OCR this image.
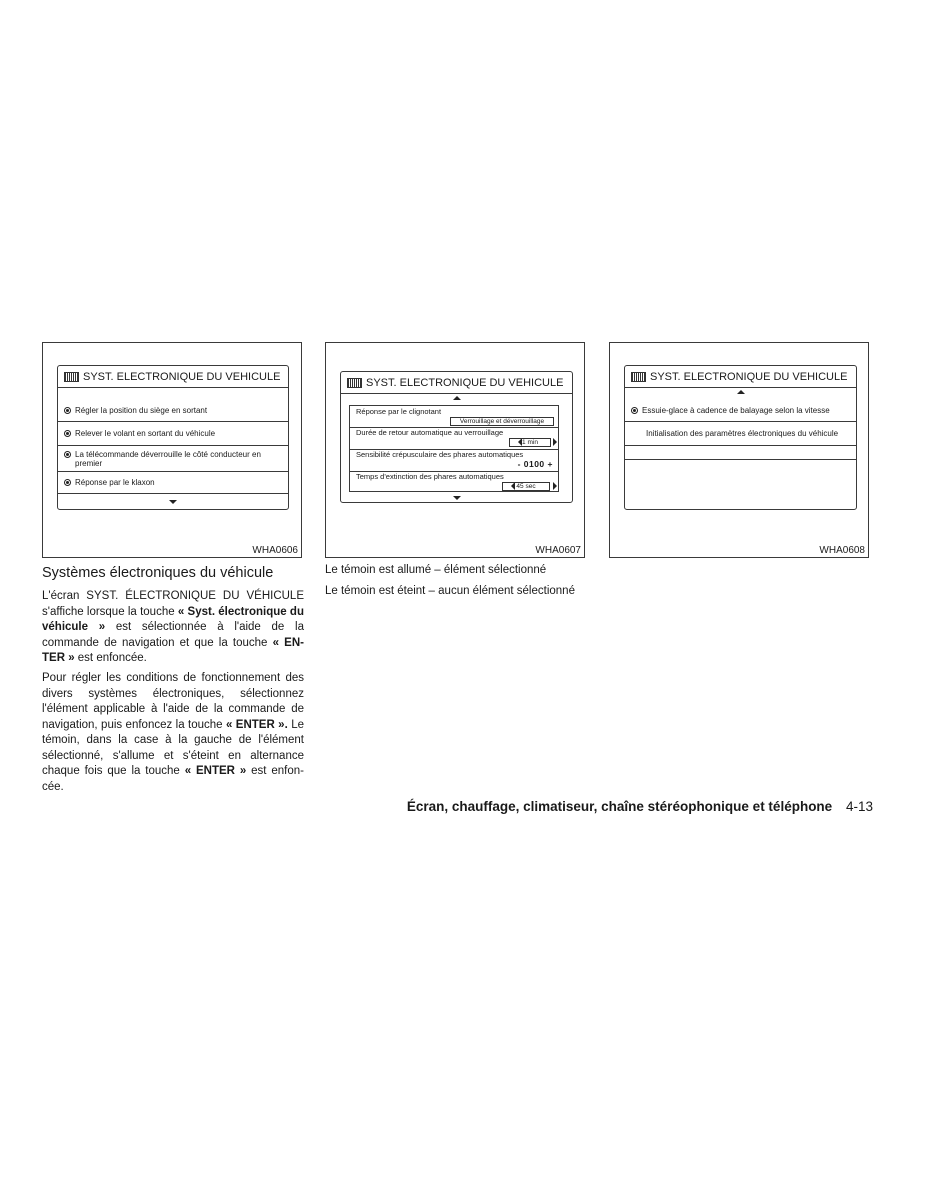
SYST. ELECTRONIQUE DU VEHICULE
Régler la position du siège en sortant
Relever le volant en sortant du véhicule
La télécommande déverrouille le côté conducteur en premier
Réponse par le klaxon
WHA0606
SYST. ELECTRONIQUE DU VEHICULE
Réponse par le clignotant
Verrouillage et déverrouillage
Durée de retour automatique au verrouillage
1 min
Sensibilité crépusculaire des phares automatiques
- 0100 +
Temps d'extinction des phares automatiques
45 sec
WHA0607
SYST. ELECTRONIQUE DU VEHICULE
Essuie-glace à cadence de balayage selon la vitesse
Initialisation des paramètres électroniques du véhicule
WHA0608
Systèmes électroniques du véhicule
L'écran SYST. ÉLECTRONIQUE DU VÉHICULE s'affiche lorsque la touche « Syst. électronique du véhicule » est sélectionnée à l'aide de la commande de navigation et que la touche « EN-TER » est enfoncée.
Pour régler les conditions de fonctionnement des divers systèmes électroniques, sélectionnez l'élément applicable à l'aide de la commande de navigation, puis enfoncez la touche « ENTER ». Le témoin, dans la case à la gauche de l'élément sélectionné, s'allume et s'éteint en alternance chaque fois que la touche « ENTER » est enfon-cée.
Le témoin est allumé – élément sélectionné
Le témoin est éteint – aucun élément sélectionné
Écran, chauffage, climatiseur, chaîne stéréophonique et téléphone 4-13
